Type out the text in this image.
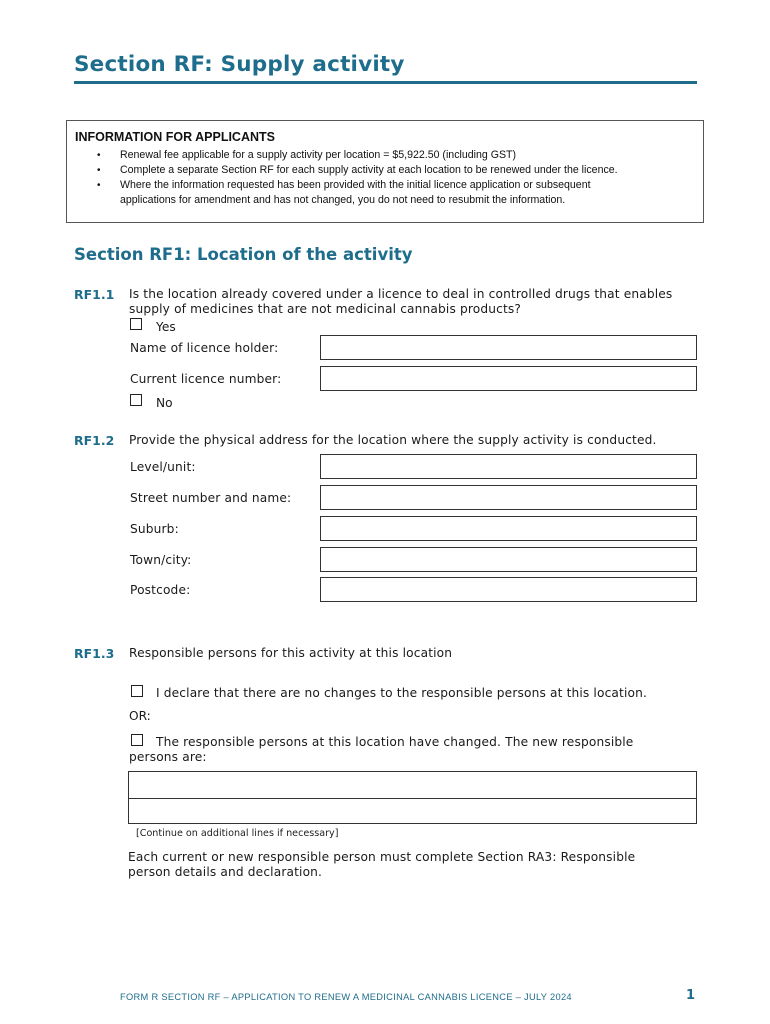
Section RF: Supply activity
INFORMATION FOR APPLICANTS
• Renewal fee applicable for a supply activity per location = $5,922.50 (including GST)
• Complete a separate Section RF for each supply activity at each location to be renewed under the licence.
• Where the information requested has been provided with the initial licence application or subsequent
applications for amendment and has not changed, you do not need to resubmit the information.
Section RF1: Location of the activity
RF1.1 Is the location already covered under a licence to deal in controlled drugs that enables
supply of medicines that are not medicinal cannabis products?
Yes
Name of licence holder:
Current licence number:
No
RF1.2 Provide the physical address for the location where the supply activity is conducted.
Level/unit:
Street number and name:
Suburb:
Town/city:
Postcode:
RF1.3 Responsible persons for this activity at this location
I declare that there are no changes to the responsible persons at this location.
OR:
The responsible persons at this location have changed. The new responsible
persons are:
[Continue on additional lines if necessary]
Each current or new responsible person must complete Section RA3: Responsible
person details and declaration.
FORM R SECTION RF – APPLICATION TO RENEW A MEDICINAL CANNABIS LICENCE – JULY 2024	1
